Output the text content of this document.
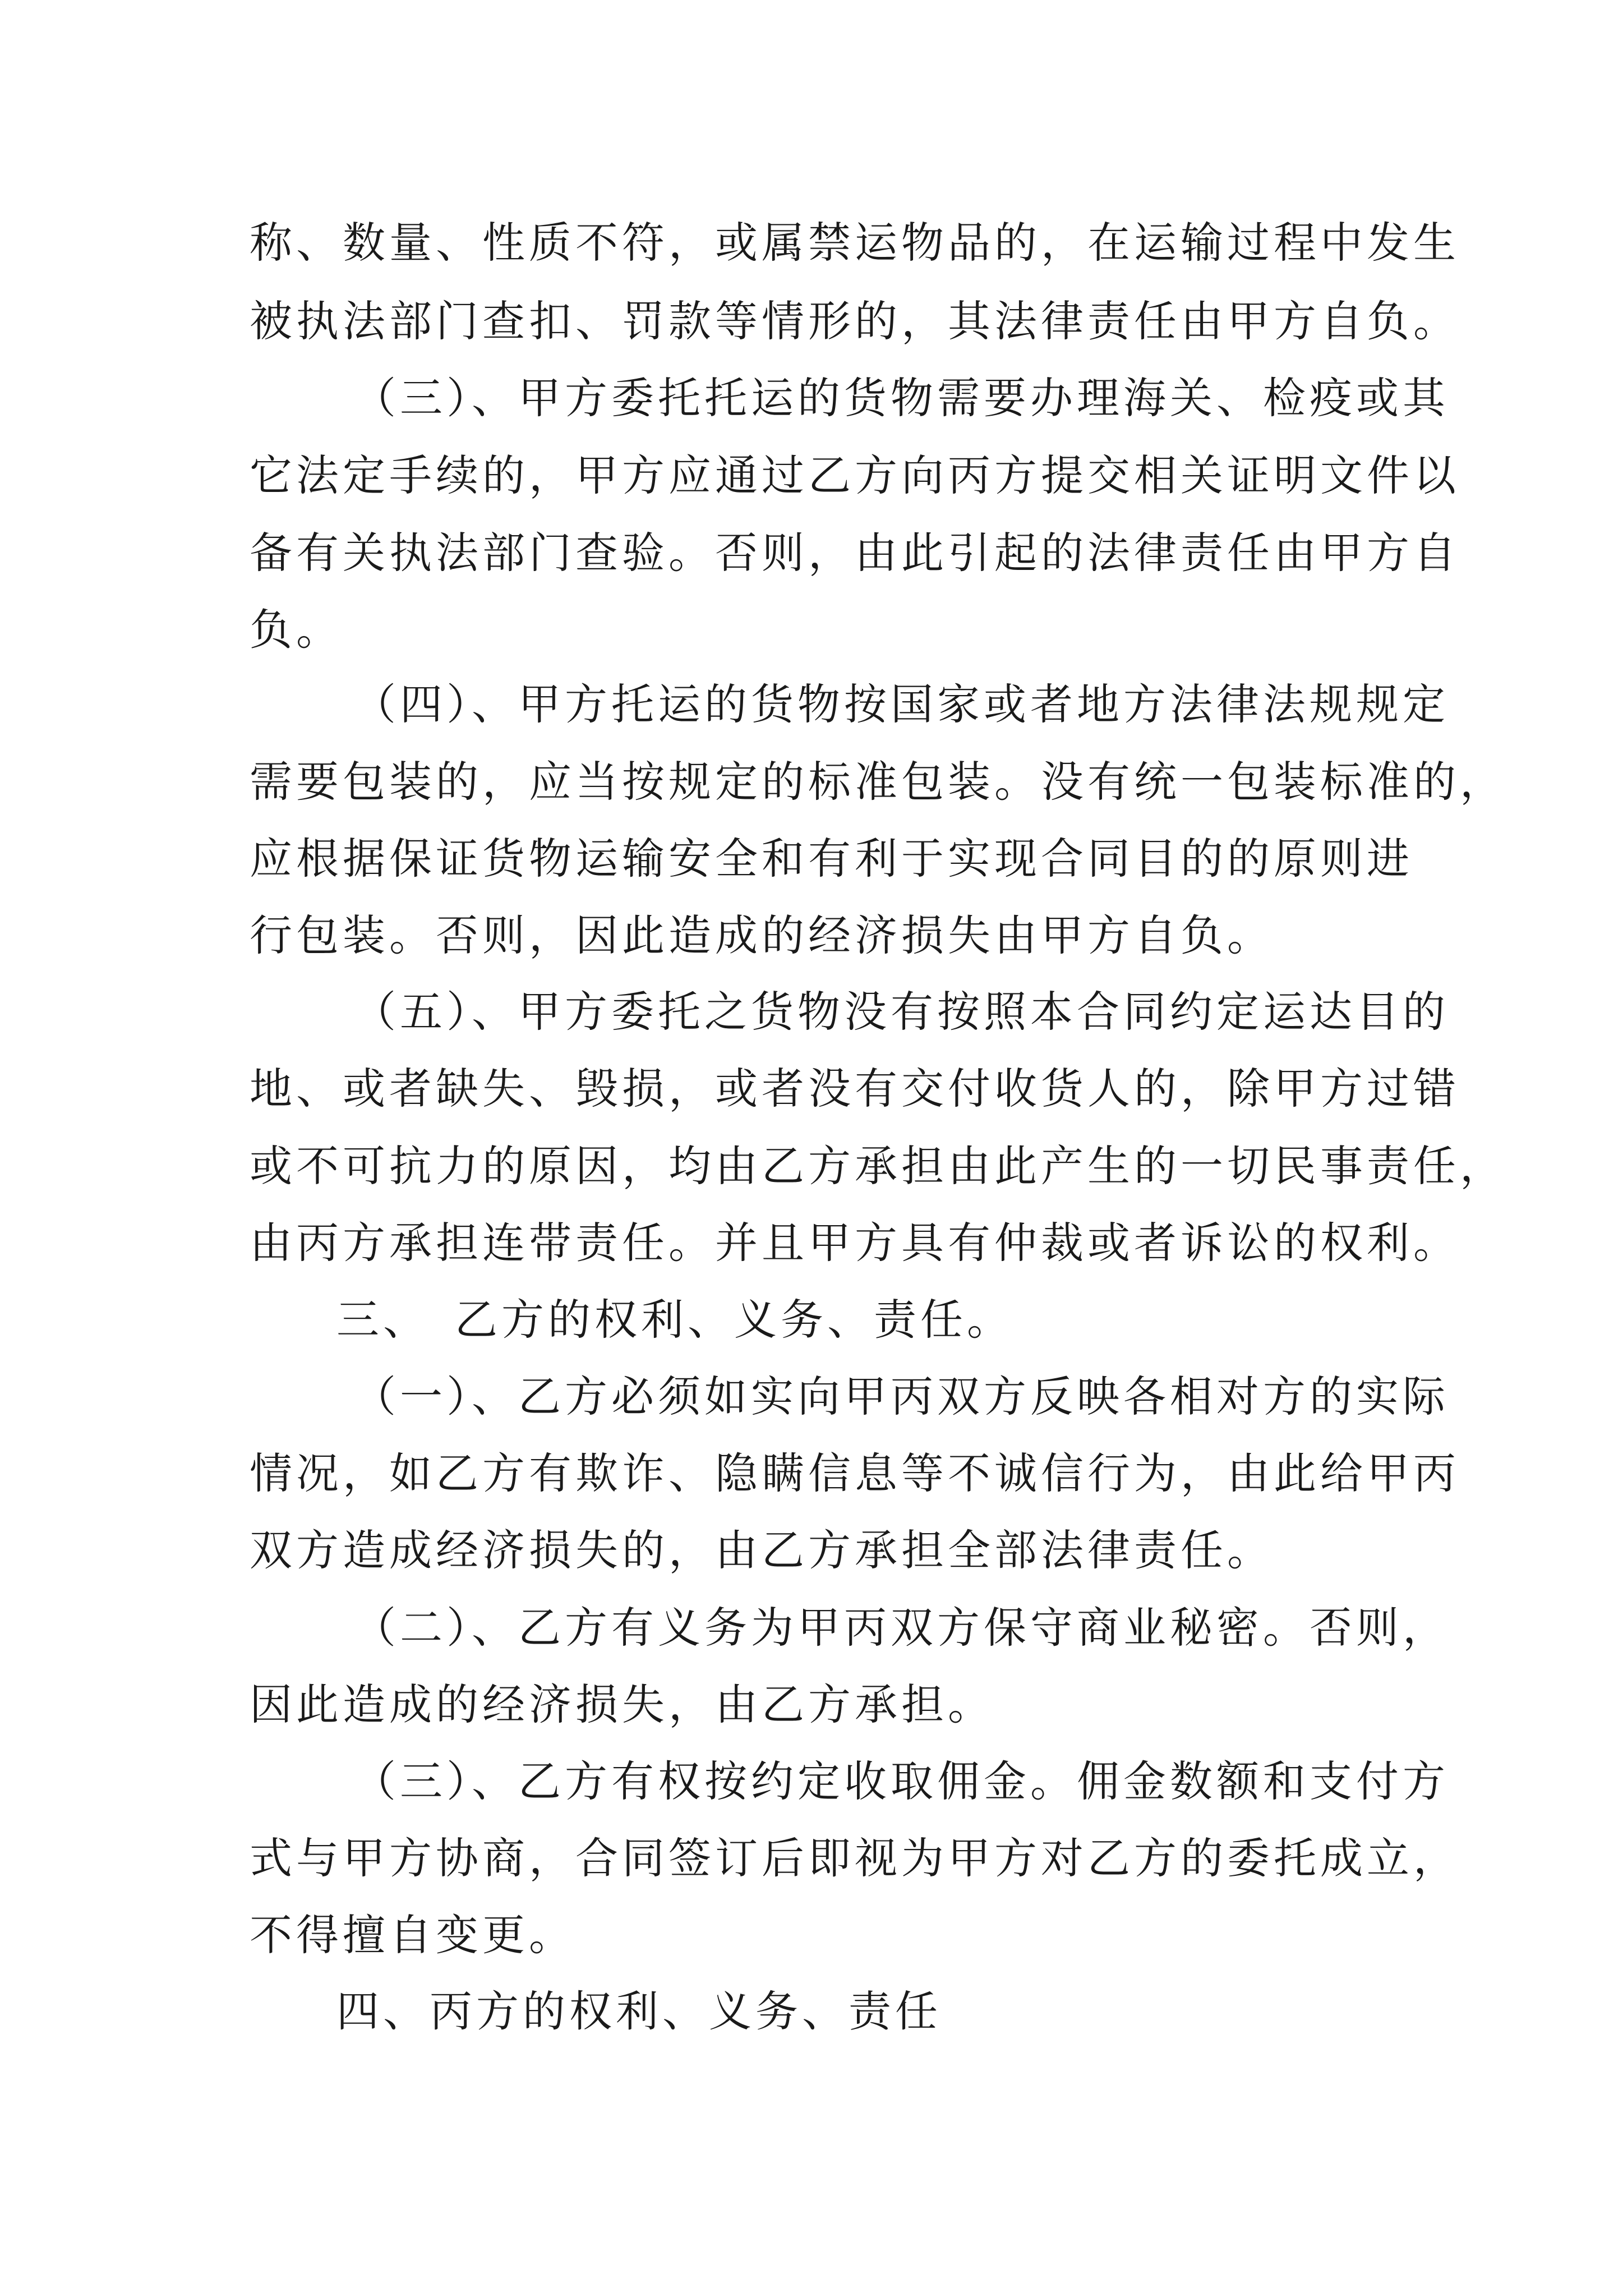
称、数量、性质不符，或属禁运物品的，在运输过程中发生

被执法部门查扣、罚款等情形的，其法律责任由甲方自负。

（三）、甲方委托托运的货物需要办理海关、检疫或其

它法定手续的，甲方应通过乙方向丙方提交相关证明文件以

备有关执法部门查验。否则，由此引起的法律责任由甲方自

负。

（四）、甲方托运的货物按国家或者地方法律法规规定

需要包装的，应当按规定的标准包装。没有统一包装标准的，

应根据保证货物运输安全和有利于实现合同目的的原则进

行包装。否则，因此造成的经济损失由甲方自负。

（五）、甲方委托之货物没有按照本合同约定运达目的

地、或者缺失、毁损，或者没有交付收货人的，除甲方过错

或不可抗力的原因，均由乙方承担由此产生的一切民事责任，

由丙方承担连带责任。并且甲方具有仲裁或者诉讼的权利。

三、　乙方的权利、义务、责任。

（一）、乙方必须如实向甲丙双方反映各相对方的实际

情况，如乙方有欺诈、隐瞒信息等不诚信行为，由此给甲丙

双方造成经济损失的，由乙方承担全部法律责任。

（二）、乙方有义务为甲丙双方保守商业秘密。否则，

因此造成的经济损失，由乙方承担。

（三）、乙方有权按约定收取佣金。佣金数额和支付方

式与甲方协商，合同签订后即视为甲方对乙方的委托成立，

不得擅自变更。

四、丙方的权利、义务、责任
